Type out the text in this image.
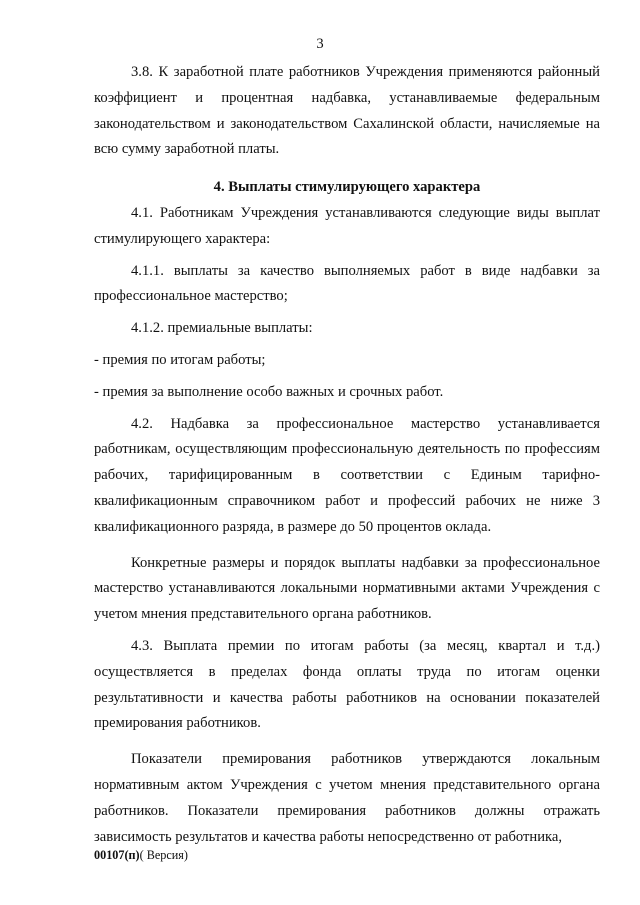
3

3.8. К заработной плате работников Учреждения применяются районный коэффициент и процентная надбавка, устанавливаемые федеральным законодательством и законодательством Сахалинской области, начисляемые на всю сумму заработной платы.

4. Выплаты стимулирующего характера

4.1. Работникам Учреждения устанавливаются следующие виды выплат стимулирующего характера:

4.1.1. выплаты за качество выполняемых работ в виде надбавки за профессиональное мастерство;

4.1.2. премиальные выплаты:

- премия по итогам работы;

- премия за выполнение особо важных и срочных работ.

4.2. Надбавка за профессиональное мастерство устанавливается работникам, осуществляющим профессиональную деятельность по профессиям рабочих, тарифицированным в соответствии с Единым тарифно-квалификационным справочником работ и профессий рабочих не ниже 3 квалификационного разряда, в размере до 50 процентов оклада.

Конкретные размеры и порядок выплаты надбавки за профессиональное мастерство устанавливаются локальными нормативными актами Учреждения с учетом мнения представительного органа работников.

4.3. Выплата премии по итогам работы (за месяц, квартал и т.д.) осуществляется в пределах фонда оплаты труда по итогам оценки результативности и качества работы работников на основании показателей премирования работников.

Показатели премирования работников утверждаются локальным нормативным актом Учреждения с учетом мнения представительного органа работников. Показатели премирования работников должны отражать зависимость результатов и качества работы непосредственно от работника,

00107(п)( Версия)
